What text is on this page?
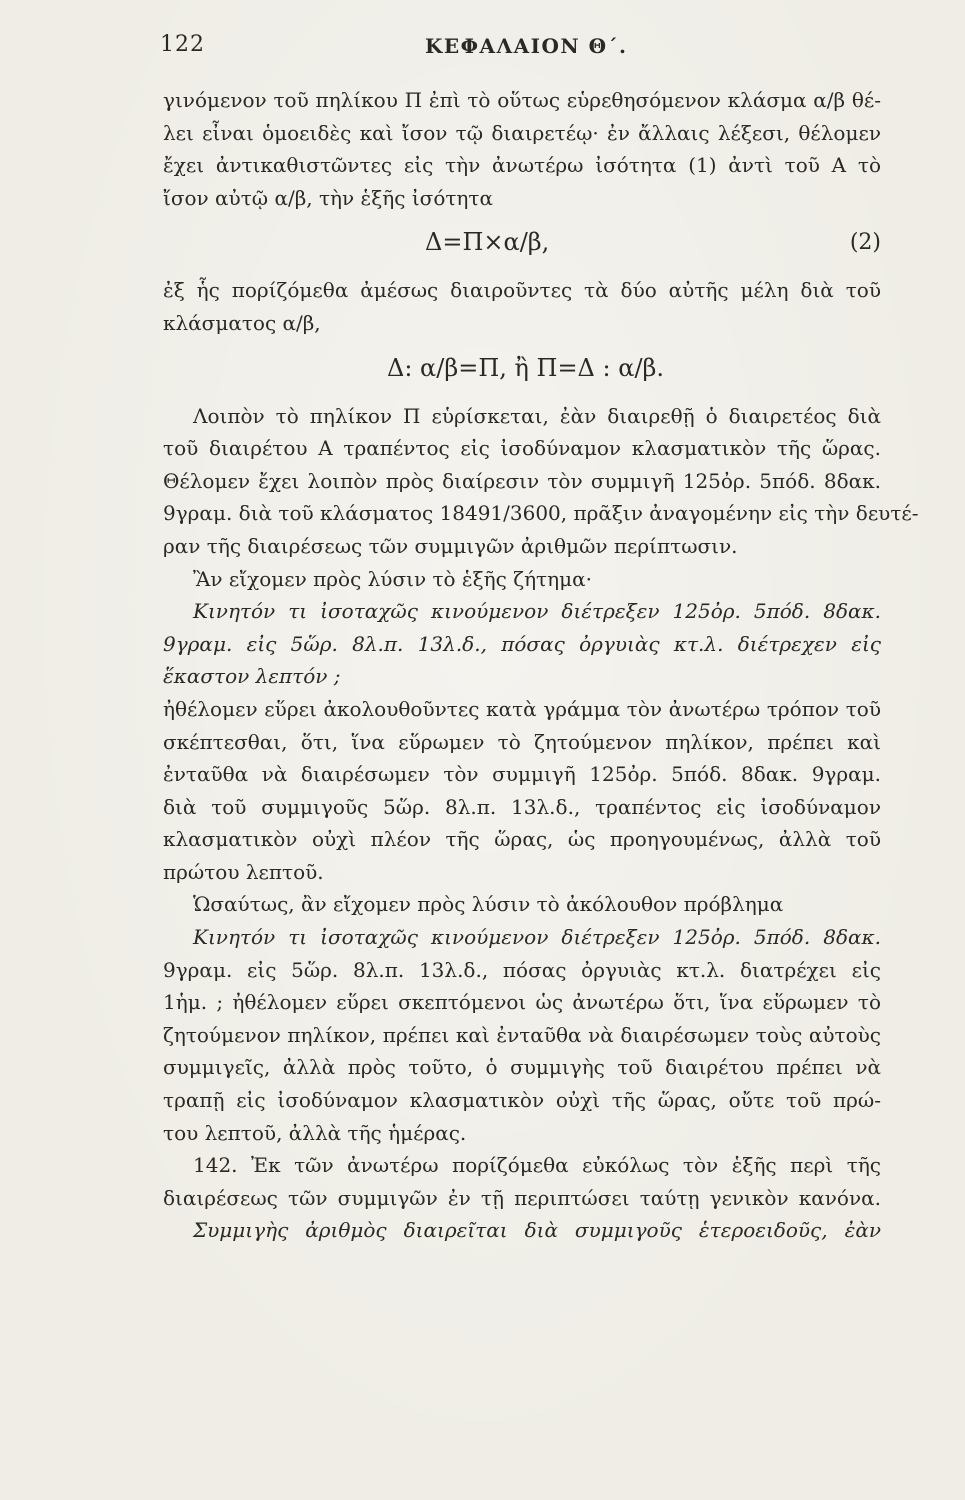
122	ΚΕΦΑΛΑΙΟΝ Θ΄.
γινόμενον τοῦ πηλίκου Π ἐπὶ τὸ οὕτως εὑρεθησόμενον κλάσμα α/β θέ-
λει εἶναι ὁμοειδὲς καὶ ἴσον τῷ διαιρετέῳ· ἐν ἄλλαις λέξεσι, θέλομεν
ἔχει ἀντικαθιστῶντες εἰς τὴν ἀνωτέρω ἰσότητα (1) ἀντὶ τοῦ Α τὸ
ἴσον αὐτῷ α/β, τὴν ἑξῆς ἰσότητα
Δ=Π×α/β,	(2)
ἐξ ἧς πορίζόμεθα ἀμέσως διαιροῦντες τὰ δύο αὐτῆς μέλη διὰ τοῦ
κλάσματος α/β,
Δ: α/β=Π, ἢ Π=Δ : α/β.
Λοιπὸν τὸ πηλίκον Π εὑρίσκεται, ἐὰν διαιρεθῇ ὁ διαιρετέος διὰ
τοῦ διαιρέτου Α τραπέντος εἰς ἰσοδύναμον κλασματικὸν τῆς ὥρας.
Θέλομεν ἔχει λοιπὸν πρὸς διαίρεσιν τὸν συμμιγῆ 125ὀρ. 5πόδ. 8δακ.
9γραμ. διὰ τοῦ κλάσματος 18491/3600, πρᾶξιν ἀναγομένην εἰς τὴν δευτέ-
ραν τῆς διαιρέσεως τῶν συμμιγῶν ἀριθμῶν περίπτωσιν.
Ἂν εἴχομεν πρὸς λύσιν τὸ ἑξῆς ζήτημα·
Κινητόν τι ἰσοταχῶς κινούμενον διέτρεξεν 125ὀρ. 5πόδ. 8δακ.
9γραμ. εἰς 5ὥρ. 8λ.π. 13λ.δ., πόσας ὀργυιὰς κτ.λ. διέτρεχεν εἰς
ἕκαστον λεπτόν ;
ἠθέλομεν εὕρει ἀκολουθοῦντες κατὰ γράμμα τὸν ἀνωτέρω τρόπον τοῦ
σκέπτεσθαι, ὅτι, ἵνα εὕρωμεν τὸ ζητούμενον πηλίκον, πρέπει καὶ
ἐνταῦθα νὰ διαιρέσωμεν τὸν συμμιγῆ 125ὀρ. 5πόδ. 8δακ. 9γραμ.
διὰ τοῦ συμμιγοῦς 5ὥρ. 8λ.π. 13λ.δ., τραπέντος εἰς ἰσοδύναμον
κλασματικὸν οὐχὶ πλέον τῆς ὥρας, ὡς προηγουμένως, ἀλλὰ τοῦ
πρώτου λεπτοῦ.
Ὡσαύτως, ἂν εἴχομεν πρὸς λύσιν τὸ ἀκόλουθον πρόβλημα
Κινητόν τι ἰσοταχῶς κινούμενον διέτρεξεν 125ὀρ. 5πόδ. 8δακ.
9γραμ. εἰς 5ὥρ. 8λ.π. 13λ.δ., πόσας ὀργυιὰς κτ.λ. διατρέχει εἰς
1ἡμ. ; ἠθέλομεν εὕρει σκεπτόμενοι ὡς ἀνωτέρω ὅτι, ἵνα εὕρωμεν τὸ
ζητούμενον πηλίκον, πρέπει καὶ ἐνταῦθα νὰ διαιρέσωμεν τοὺς αὐτοὺς
συμμιγεῖς, ἀλλὰ πρὸς τοῦτο, ὁ συμμιγὴς τοῦ διαιρέτου πρέπει νὰ
τραπῇ εἰς ἰσοδύναμον κλασματικὸν οὐχὶ τῆς ὥρας, οὔτε τοῦ πρώ-
του λεπτοῦ, ἀλλὰ τῆς ἡμέρας.
142. Ἐκ τῶν ἀνωτέρω πορίζόμεθα εὐκόλως τὸν ἑξῆς περὶ τῆς
διαιρέσεως τῶν συμμιγῶν ἐν τῇ περιπτώσει ταύτῃ γενικὸν κανόνα.
Συμμιγὴς ἀριθμὸς διαιρεῖται διὰ συμμιγοῦς ἑτεροειδοῦς, ἐὰν
